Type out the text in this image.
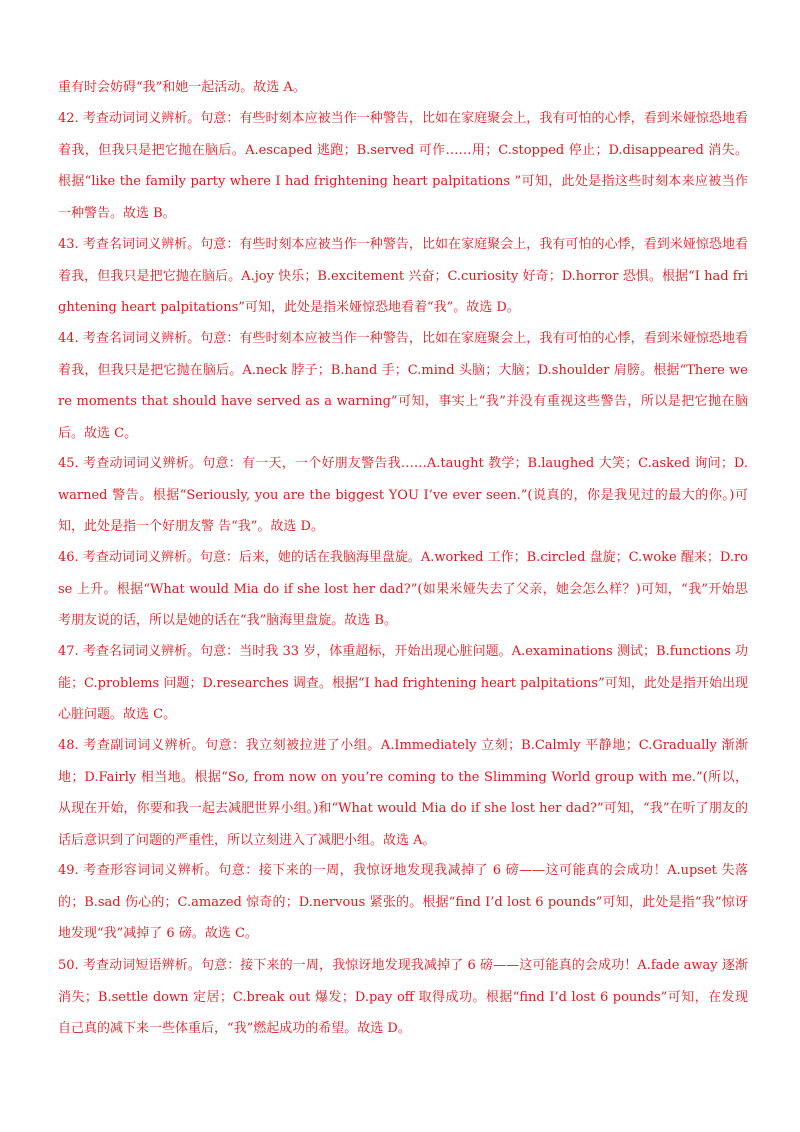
重有时会妨碍“我”和她一起活动。故选 A。
42. 考查动词词义辨析。句意：有些时刻本应被当作一种警告，比如在家庭聚会上，我有可怕的心悸，看到米娅惊恐地看着我，但我只是把它抛在脑后。A.escaped 逃跑；B.served 可作……用；C.stopped 停止；D.disappeared 消失。根据“like the family party where I had frightening heart palpitations ”可知，此处是指这些时刻本来应被当作一种警告。故选 B。
43. 考查名词词义辨析。句意：有些时刻本应被当作一种警告，比如在家庭聚会上，我有可怕的心悸，看到米娅惊恐地看着我，但我只是把它抛在脑后。A.joy 快乐；B.excitement 兴奋；C.curiosity 好奇；D.horror 恐惧。根据“I had frightening heart palpitations”可知，此处是指米娅惊恐地看着“我”。故选 D。
44. 考查名词词义辨析。句意：有些时刻本应被当作一种警告，比如在家庭聚会上，我有可怕的心悸，看到米娅惊恐地看着我，但我只是把它抛在脑后。A.neck 脖子；B.hand 手；C.mind 头脑；大脑；D.shoulder 肩膀。根据“There were moments that should have served as a warning”可知，事实上“我”并没有重视这些警告，所以是把它抛在脑后。故选 C。
45. 考查动词词义辨析。句意：有一天，一个好朋友警告我……A.taught 教学；B.laughed 大笑；C.asked 询问；D.warned 警告。根据“Seriously, you are the biggest YOU I’ve ever seen.”(说真的，你是我见过的最大的你。)可知，此处是指一个好朋友警 告“我”。故选 D。
46. 考查动词词义辨析。句意：后来，她的话在我脑海里盘旋。A.worked 工作；B.circled 盘旋；C.woke 醒来；D.rose 上升。根据“What would Mia do if she lost her dad?”(如果米娅失去了父亲，她会怎么样？)可知，“我”开始思考朋友说的话，所以是她的话在“我”脑海里盘旋。故选 B。
47. 考查名词词义辨析。句意：当时我 33 岁，体重超标，开始出现心脏问题。A.examinations 测试；B.functions 功能；C.problems 问题；D.researches 调查。根据“I had frightening heart palpitations”可知，此处是指开始出现心脏问题。故选 C。
48. 考查副词词义辨析。句意：我立刻被拉进了小组。A.Immediately 立刻；B.Calmly 平静地；C.Gradually 渐渐地；D.Fairly 相当地。根据“So, from now on you’re coming to the Slimming World group with me.”(所以，从现在开始，你要和我一起去减肥世界小组。)和“What would Mia do if she lost her dad?”可知，“我”在听了朋友的话后意识到了问题的严重性，所以立刻进入了减肥小组。故选 A。
49. 考查形容词词义辨析。句意：接下来的一周，我惊讶地发现我减掉了 6 磅——这可能真的会成功！A.upset 失落的；B.sad 伤心的；C.amazed 惊奇的；D.nervous 紧张的。根据“find I’d lost 6 pounds”可知，此处是指“我”惊讶地发现“我”减掉了 6 磅。故选 C。
50. 考查动词短语辨析。句意：接下来的一周，我惊讶地发现我减掉了 6 磅——这可能真的会成功！A.fade away 逐渐消失；B.settle down 定居；C.break out 爆发；D.pay off 取得成功。根据“find I’d lost 6 pounds”可知，在发现自己真的减下来一些体重后，“我”燃起成功的希望。故选 D。
